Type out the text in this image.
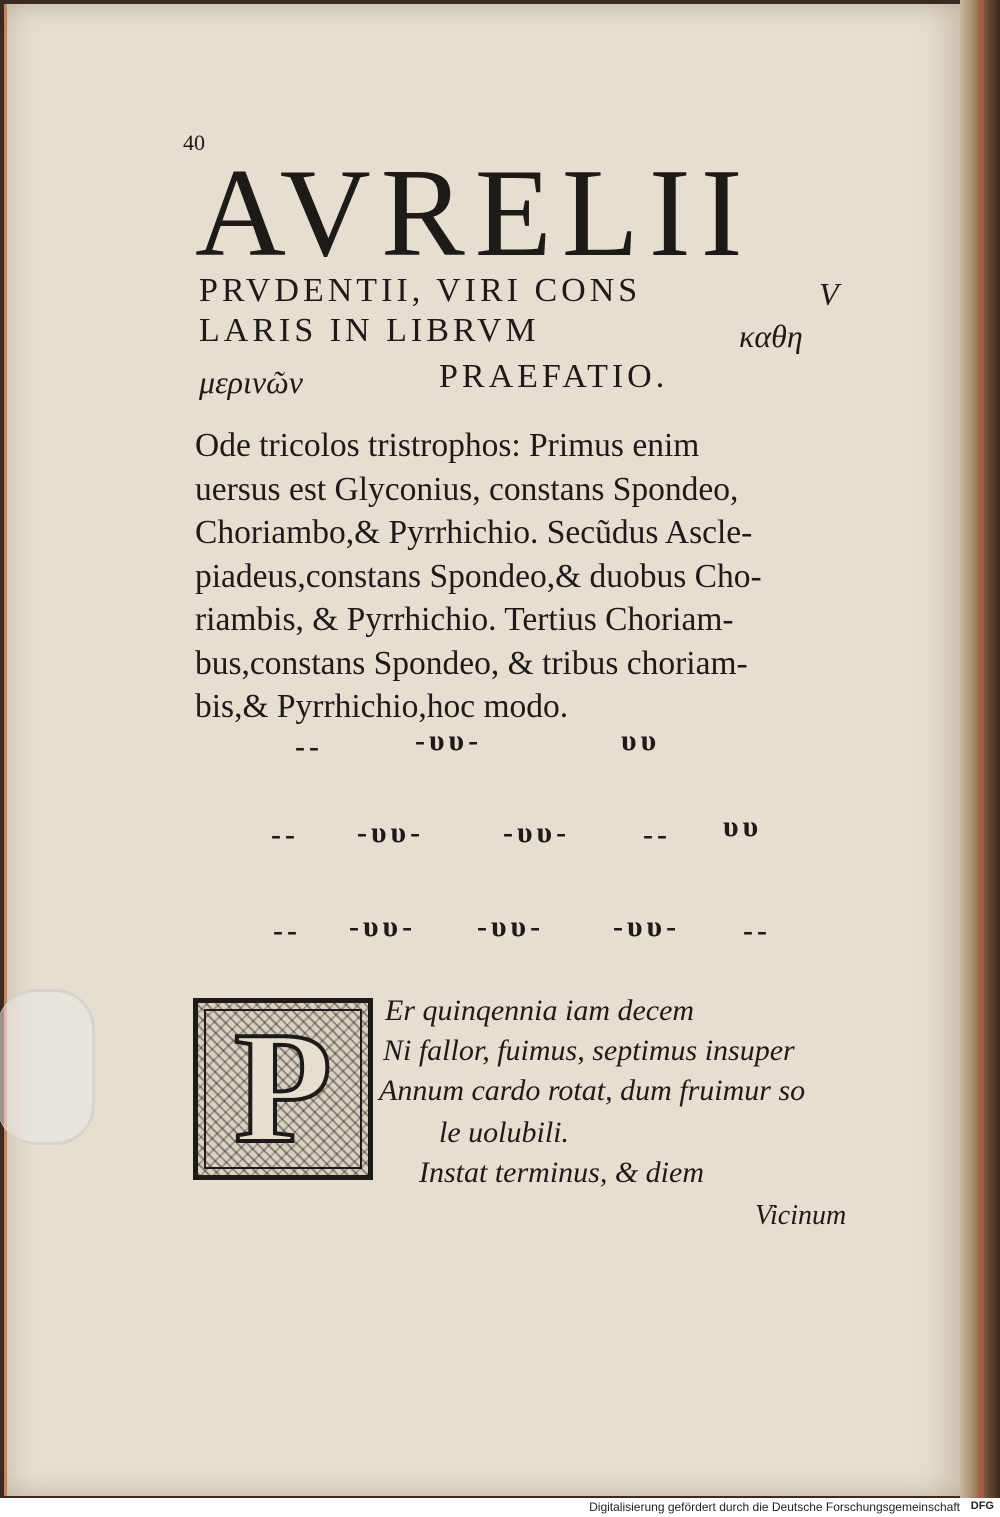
40
AVRELII
PRVDENTII, VIRI CONS	V
LARIS IN LIBRVM	καθη
μερινῶν	PRAEFATIO.
Ode tricolos tristrophos: Primus enim
uersus est Glyconius, constans Spondeo,
Choriambo,& Pyrrhichio. Secũdus Ascle-
piadeus,constans Spondeo,& duobus Cho-
riambis, & Pyrrhichio. Tertius Choriam-
bus,constans Spondeo, & tribus choriam-
bis,& Pyrrhichio,hoc modo.
--	-υυ-	υυ
-- -υυ-	-υυ- -- υυ
-- -υυ- -υυ- -υυ- --
P	Er quinqennia iam decem
Ni fallor, fuimus, septimus insuper
Annum cardo rotat, dum fruimur so
le uolubili.
Instat terminus, & diem
Vicinum
Digitalisierung gefördert durch die Deutsche Forschungsgemeinschaft DFG
